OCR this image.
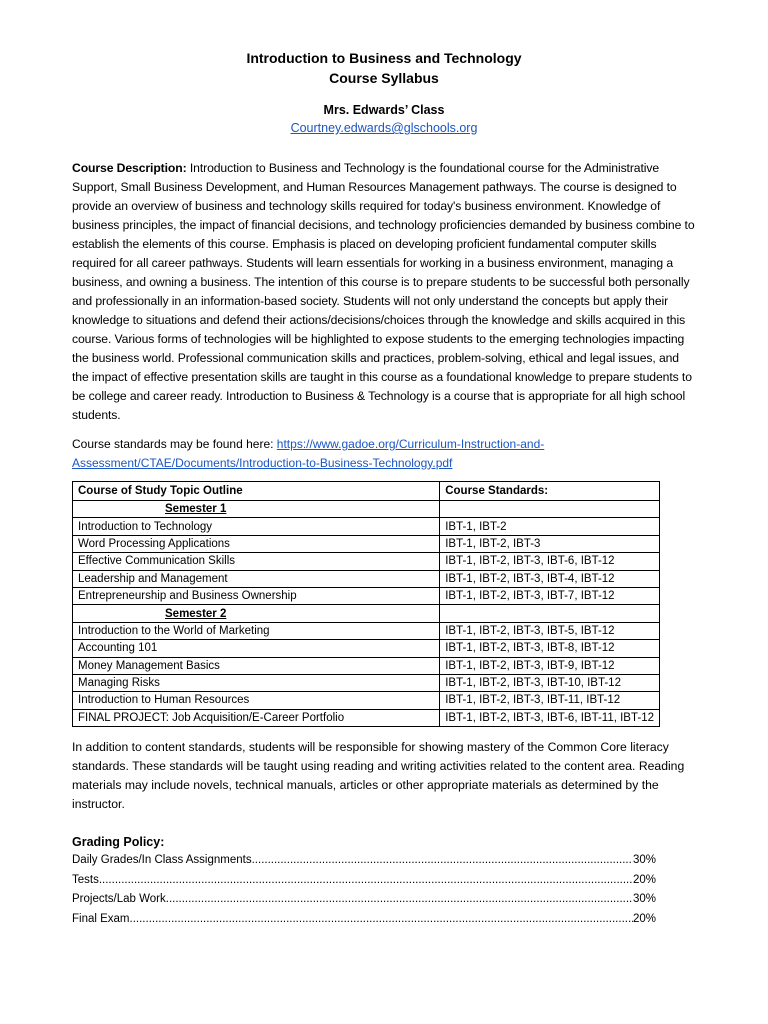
Introduction to Business and Technology
Course Syllabus
Mrs. Edwards’ Class
Courtney.edwards@glschools.org
Course Description: Introduction to Business and Technology is the foundational course for the Administrative Support, Small Business Development, and Human Resources Management pathways. The course is designed to provide an overview of business and technology skills required for today's business environment. Knowledge of business principles, the impact of financial decisions, and technology proficiencies demanded by business combine to establish the elements of this course. Emphasis is placed on developing proficient fundamental computer skills required for all career pathways. Students will learn essentials for working in a business environment, managing a business, and owning a business. The intention of this course is to prepare students to be successful both personally and professionally in an information-based society. Students will not only understand the concepts but apply their knowledge to situations and defend their actions/decisions/choices through the knowledge and skills acquired in this course. Various forms of technologies will be highlighted to expose students to the emerging technologies impacting the business world. Professional communication skills and practices, problem-solving, ethical and legal issues, and the impact of effective presentation skills are taught in this course as a foundational knowledge to prepare students to be college and career ready. Introduction to Business & Technology is a course that is appropriate for all high school students.
Course standards may be found here: https://www.gadoe.org/Curriculum-Instruction-and-Assessment/CTAE/Documents/Introduction-to-Business-Technology.pdf
Course of Study Topic Outline	Course Standards:
Semester 1	
Introduction to Technology	IBT-1, IBT-2
Word Processing Applications	IBT-1, IBT-2, IBT-3
Effective Communication Skills	IBT-1, IBT-2, IBT-3, IBT-6, IBT-12
Leadership and Management	IBT-1, IBT-2, IBT-3, IBT-4, IBT-12
Entrepreneurship and Business Ownership	IBT-1, IBT-2, IBT-3, IBT-7, IBT-12
Semester 2	
Introduction to the World of Marketing	IBT-1, IBT-2, IBT-3, IBT-5, IBT-12
Accounting 101	IBT-1, IBT-2, IBT-3, IBT-8, IBT-12
Money Management Basics	IBT-1, IBT-2, IBT-3, IBT-9, IBT-12
Managing Risks	IBT-1, IBT-2, IBT-3, IBT-10, IBT-12
Introduction to Human Resources	IBT-1, IBT-2, IBT-3, IBT-11, IBT-12
FINAL PROJECT: Job Acquisition/E-Career Portfolio	IBT-1, IBT-2, IBT-3, IBT-6, IBT-11, IBT-12
In addition to content standards, students will be responsible for showing mastery of the Common Core literacy standards. These standards will be taught using reading and writing activities related to the content area. Reading materials may include novels, technical manuals, articles or other appropriate materials as determined by the instructor.
Grading Policy:
Daily Grades/In Class Assignments .....	30%
Tests .....	20%
Projects/Lab Work .....	30%
Final Exam .....	20%
